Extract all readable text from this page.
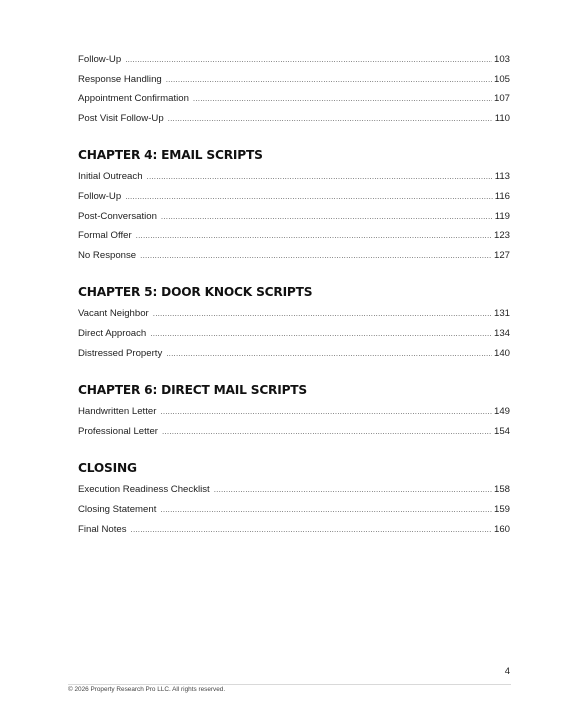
Follow-Up .....	103
Response Handling .....	105
Appointment Confirmation .....	107
Post Visit Follow-Up .....	110
CHAPTER 4: EMAIL SCRIPTS
Initial Outreach .....	113
Follow-Up .....	116
Post-Conversation .....	119
Formal Offer .....	123
No Response .....	127
CHAPTER 5: DOOR KNOCK SCRIPTS
Vacant Neighbor .....	131
Direct Approach .....	134
Distressed Property .....	140
CHAPTER 6: DIRECT MAIL SCRIPTS
Handwritten Letter .....	149
Professional Letter .....	154
CLOSING
Execution Readiness Checklist .....	158
Closing Statement .....	159
Final Notes .....	160
4
© 2026 Property Research Pro LLC. All rights reserved.
